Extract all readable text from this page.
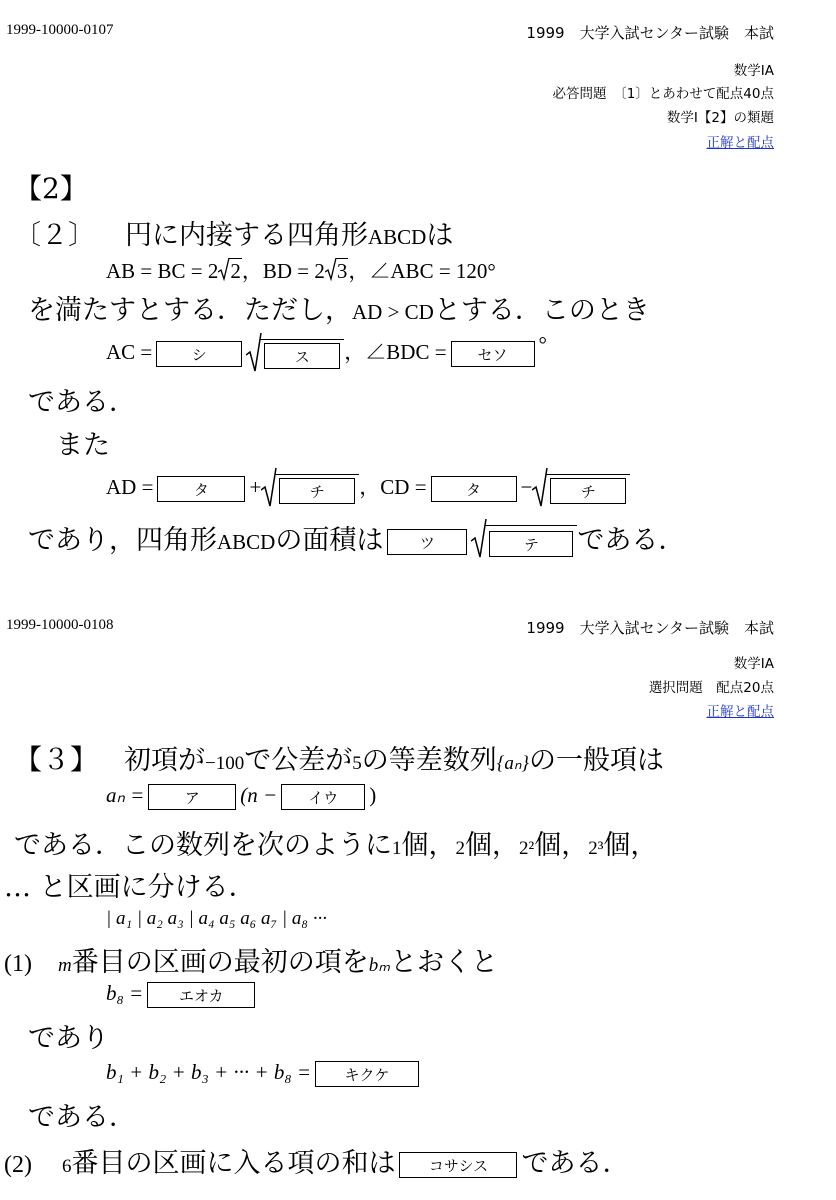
1999-10000-0107	1999　大学入試センター試験　本試
数学IA
必答問題　〔1〕とあわせて配点40点
数学I【2】の類題
正解と配点
【2】
〔２〕 円に内接する四角形ABCDは
AB = BC = 2 2，BD = 2 3，∠ABC = 120°
を満たすとする．ただし，AD > CDとする．このとき
AC =	シ	ス ，∠BDC = セソ °
である．
また
AD =	タ +	チ ，CD =	タ −	チ
であり，四角形ABCDの面積は ツ	テ である．
1999-10000-0108	1999　大学入試センター試験　本試
数学IA
選択問題　配点20点
正解と配点
【３】 初項が−100で公差が5の等差数列{aₙ}の一般項は
aₙ =	ア (n − イウ )
である．この数列を次のように1個，2個，2²個，2³個，
… と区画に分ける．
| a₁ | a₂ a₃ | a₄ a₅ a₆ a₇ | a₈ ···
(1) m番目の区画の最初の項をbₘとおくと
b₈ = エオカ
であり
b₁ + b₂ + b₃ + ··· + b₈ = キクケ
である．
(2) 6番目の区画に入る項の和は コサシス である．
